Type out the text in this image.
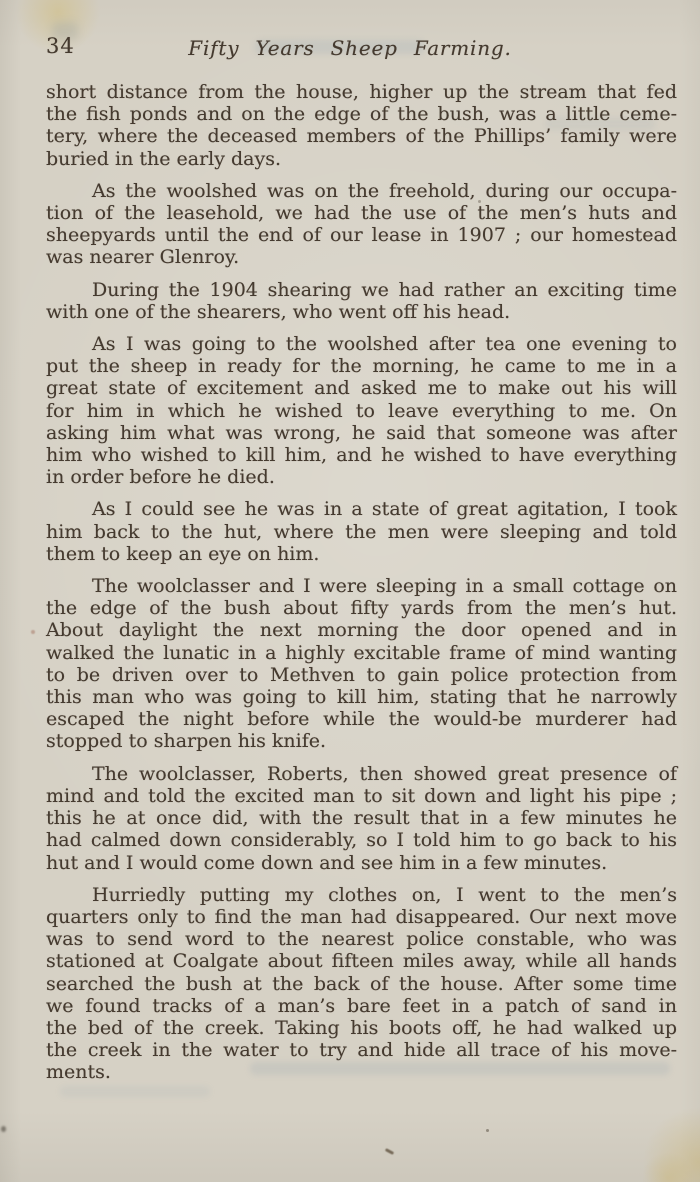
34	Fifty Years Sheep Farming.
short distance from the house, higher up the stream that fed
the fish ponds and on the edge of the bush, was a little ceme-
tery, where the deceased members of the Phillips’ family were
buried in the early days.
As the woolshed was on the freehold, during our occupa-
tion of the leasehold, we had the use of the men’s huts and
sheepyards until the end of our lease in 1907 ; our homestead
was nearer Glenroy.
During the 1904 shearing we had rather an exciting time
with one of the shearers, who went off his head.
As I was going to the woolshed after tea one evening to
put the sheep in ready for the morning, he came to me in a
great state of excitement and asked me to make out his will
for him in which he wished to leave everything to me. On
asking him what was wrong, he said that someone was after
him who wished to kill him, and he wished to have everything
in order before he died.
As I could see he was in a state of great agitation, I took
him back to the hut, where the men were sleeping and told
them to keep an eye on him.
The woolclasser and I were sleeping in a small cottage on
the edge of the bush about fifty yards from the men’s hut.
About daylight the next morning the door opened and in
walked the lunatic in a highly excitable frame of mind wanting
to be driven over to Methven to gain police protection from
this man who was going to kill him, stating that he narrowly
escaped the night before while the would-be murderer had
stopped to sharpen his knife.
The woolclasser, Roberts, then showed great presence of
mind and told the excited man to sit down and light his pipe ;
this he at once did, with the result that in a few minutes he
had calmed down considerably, so I told him to go back to his
hut and I would come down and see him in a few minutes.
Hurriedly putting my clothes on, I went to the men’s
quarters only to find the man had disappeared. Our next move
was to send word to the nearest police constable, who was
stationed at Coalgate about fifteen miles away, while all hands
searched the bush at the back of the house. After some time
we found tracks of a man’s bare feet in a patch of sand in
the bed of the creek. Taking his boots off, he had walked up
the creek in the water to try and hide all trace of his move-
ments.
